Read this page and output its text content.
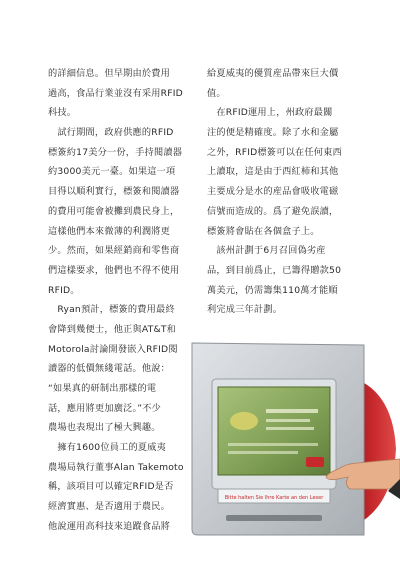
的詳細信息。但早期由於費用
過高，食品行業並沒有采用RFID
科技。
　試行期間，政府供應的RFID
標簽約17美分一份，手持閱讀器
約3000美元一臺。如果這一項
目得以順利實行，標簽和閱讀器
的費用可能會被攤到農民身上，
這樣他們本來微薄的利潤將更
少。然而，如果經銷商和零售商
們這樣要求，他們也不得不使用
RFID。
　Ryan預計，標簽的費用最終
會降到幾便士，他正與AT&T和
Motorola討論開發嵌入RFID閱
讀器的低價無綫電話。他說：
“如果真的研制出那樣的電
話，應用將更加廣泛。”不少
農場也表現出了極大興趣。
　擁有1600位員工的夏威夷
農場局執行董事Alan Takemoto
稱，該項目可以確定RFID是否
經濟實惠、是否適用于農民。
他說運用高科技來追蹤食品將
給夏威夷的優質産品帶來巨大價
值。
　在RFID運用上，州政府最關
注的便是精確度。除了水和金屬
之外，RFID標簽可以在任何東西
上讀取，這是由于西紅柿和其他
主要成分是水的産品會吸收電磁
信號而造成的。爲了避免誤讀，
標簽將會貼在各個盒子上。
　該州計劃于6月召回偽劣産
品，到目前爲止，已籌得贈款50
萬美元，仍需籌集110萬才能順
利完成三年計劃。
Bitte halten Sie Ihre Karte an den Leser
